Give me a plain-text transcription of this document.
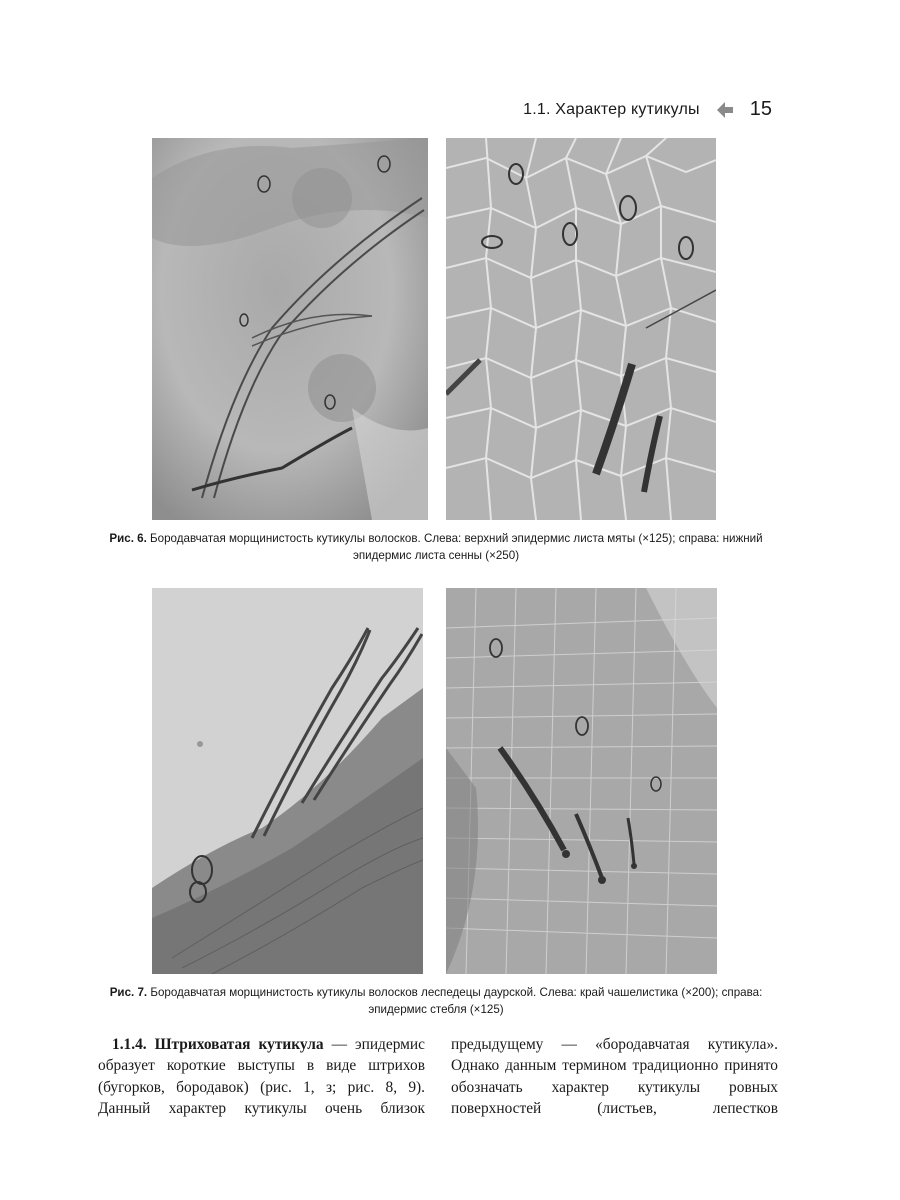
1.1. Характер кутикулы	15
Рис. 6. Бородавчатая морщинистость кутикулы волосков. Слева: верхний эпидермис листа мяты (×125); справа: нижний эпидермис листа сенны (×250)
Рис. 7. Бородавчатая морщинистость кутикулы волосков леспедецы даурской. Слева: край чашелистика (×200); справа: эпидермис стебля (×125)

1.1.4. Штриховатая кутикула — эпидермис образует короткие выступы в виде штрихов (бугорков, бородавок) (рис. 1, з; рис. 8, 9). Данный характер кутикулы очень близок

предыдущему — «бородавчатая кутикула». Однако данным термином традиционно принято обозначать характер кутикулы ровных поверхностей (листьев, лепестков
